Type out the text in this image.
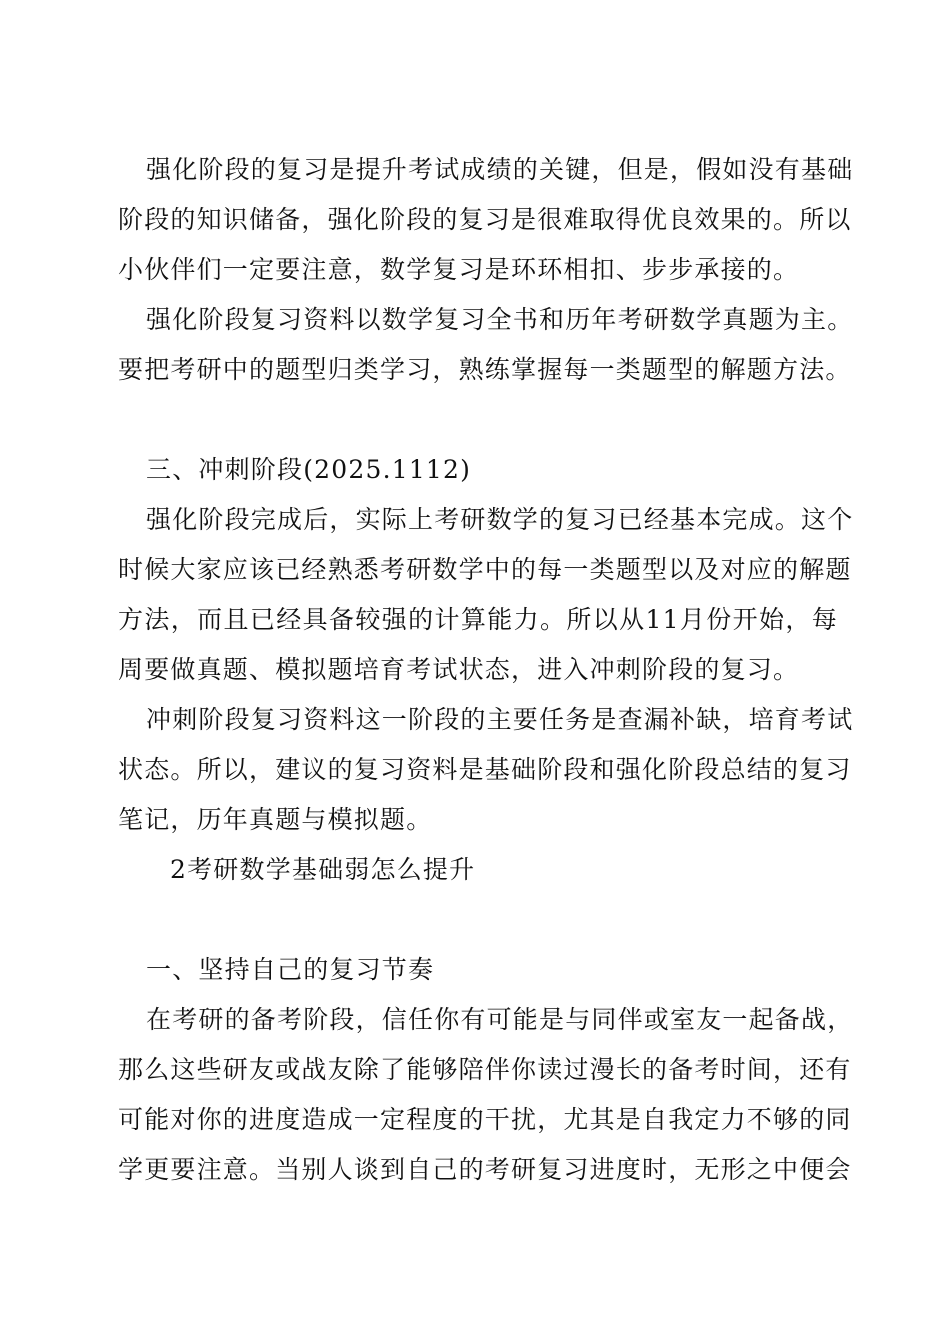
强化阶段的复习是提升考试成绩的关键，但是，假如没有基础
阶段的知识储备，强化阶段的复习是很难取得优良效果的。所以
小伙伴们一定要注意，数学复习是环环相扣、步步承接的。
强化阶段复习资料以数学复习全书和历年考研数学真题为主。
要把考研中的题型归类学习，熟练掌握每一类题型的解题方法。
三、冲刺阶段(2025.1112)
强化阶段完成后，实际上考研数学的复习已经基本完成。这个
时候大家应该已经熟悉考研数学中的每一类题型以及对应的解题
方法，而且已经具备较强的计算能力。所以从11月份开始，每
周要做真题、模拟题培育考试状态，进入冲刺阶段的复习。
冲刺阶段复习资料这一阶段的主要任务是查漏补缺，培育考试
状态。所以，建议的复习资料是基础阶段和强化阶段总结的复习
笔记，历年真题与模拟题。
2考研数学基础弱怎么提升
一、坚持自己的复习节奏
在考研的备考阶段，信任你有可能是与同伴或室友一起备战，
那么这些研友或战友除了能够陪伴你读过漫长的备考时间，还有
可能对你的进度造成一定程度的干扰，尤其是自我定力不够的同
学更要注意。当别人谈到自己的考研复习进度时，无形之中便会
